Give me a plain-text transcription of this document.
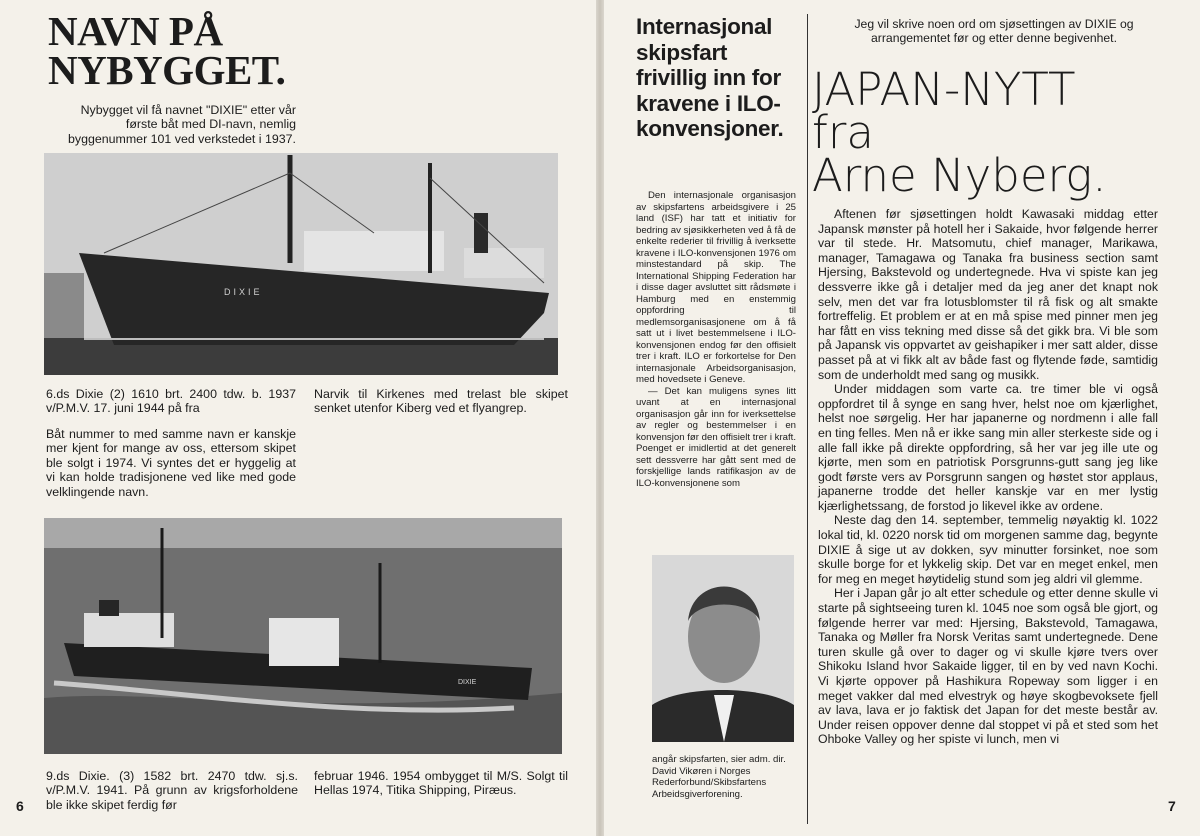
NAVN PÅ NYBYGGET.

Nybygget vil få navnet "DIXIE" etter vår første båt med DI-navn, nemlig byggenummer 101 ved verkstedet i 1937.

DIXIE

6.ds Dixie (2) 1610 brt. 2400 tdw. b. 1937 v/P.M.V. 17. juni 1944 på fra

Narvik til Kirkenes med trelast ble skipet senket utenfor Kiberg ved et flyangrep.

Båt nummer to med samme navn er kanskje mer kjent for mange av oss, ettersom skipet ble solgt i 1974. Vi syntes det er hyggelig at vi kan holde tradisjonene ved like med gode velklingende navn.

DIXIE

9.ds Dixie. (3) 1582 brt. 2470 tdw. sj.s. v/P.M.V. 1941. På grunn av krigsforholdene ble ikke skipet ferdig før

februar 1946. 1954 ombygget til M/S. Solgt til Hellas 1974, Titika Shipping, Piræus.

6
Internasjonal skipsfart frivillig inn for kravene i ILO-konvensjoner.

Den internasjonale organisasjon av skipsfartens arbeidsgivere i 25 land (ISF) har tatt et initiativ for bedring av sjøsikkerheten ved å få de enkelte rederier til frivillig å iverksette kravene i ILO-konvensjonen 1976 om minstestandard på skip. The International Shipping Federation har i disse dager avsluttet sitt rådsmøte i Hamburg med en enstemmig oppfordring til medlemsorganisasjonene om å få satt ut i livet bestemmelsene i ILO-konvensjonen endog før den offisielt trer i kraft. ILO er forkortelse for Den internasjonale Arbeidsorganisasjon, med hovedsete i Geneve.

— Det kan muligens synes litt uvant at en internasjonal organisasjon går inn for iverksettelse av regler og bestemmelser i en konvensjon før den offisielt trer i kraft. Poenget er imidlertid at det generelt sett dessverre har gått sent med de forskjellige lands ratifikasjon av de ILO-konvensjonene som

angår skipsfarten, sier adm. dir. David Vikøren i Norges Rederforbund/Skibsfartens Arbeidsgiverforening.

Jeg vil skrive noen ord om sjøsettingen av DIXIE og arrangementet før og etter denne begivenhet.

JAPAN-NYTT
fra
Arne Nyberg.

Aftenen før sjøsettingen holdt Kawasaki middag etter Japansk mønster på hotell her i Sakaide, hvor følgende herrer var til stede. Hr. Matsomutu, chief manager, Marikawa, manager, Tamagawa og Tanaka fra business section samt Hjersing, Bakstevold og undertegnede. Hva vi spiste kan jeg dessverre ikke gå i detaljer med da jeg aner det knapt nok selv, men det var fra lotusblomster til rå fisk og alt smakte fortreffelig. Et problem er at en må spise med pinner men jeg har fått en viss tekning med disse så det gikk bra. Vi ble som på Japansk vis oppvartet av geishapiker i mer satt alder, disse passet på at vi fikk alt av både fast og flytende føde, samtidig som de underholdt med sang og musikk.

Under middagen som varte ca. tre timer ble vi også oppfordret til å synge en sang hver, helst noe om kjærlighet, helst noe sørgelig. Her har japanerne og nordmenn i alle fall en ting felles. Men nå er ikke sang min aller sterkeste side og i alle fall ikke på direkte oppfordring, så her var jeg ille ute og kjørte, men som en patriotisk Porsgrunns-gutt sang jeg like godt første vers av Porsgrunn sangen og høstet stor applaus, japanerne trodde det heller kanskje var en mer lystig kjærlighetssang, de forstod jo likevel ikke av ordene.

Neste dag den 14. september, temmelig nøyaktig kl. 1022 lokal tid, kl. 0220 norsk tid om morgenen samme dag, begynte DIXIE å sige ut av dokken, syv minutter forsinket, noe som skulle borge for et lykkelig skip. Det var en meget enkel, men for meg en meget høytidelig stund som jeg aldri vil glemme.

Her i Japan går jo alt etter schedule og etter denne skulle vi starte på sightseeing turen kl. 1045 noe som også ble gjort, og følgende herrer var med: Hjersing, Bakstevold, Tamagawa, Tanaka og Møller fra Norsk Veritas samt undertegnede. Dene turen skulle gå over to dager og vi skulle kjøre tvers over Shikoku Island hvor Sakaide ligger, til en by ved navn Kochi. Vi kjørte oppover på Hashikura Ropeway som ligger i en meget vakker dal med elvestryk og høye skogbevoksete fjell av lava, lava er jo faktisk det Japan for det meste består av. Under reisen oppover denne dal stoppet vi på et sted som het Ohboke Valley og her spiste vi lunch, men vi

7
